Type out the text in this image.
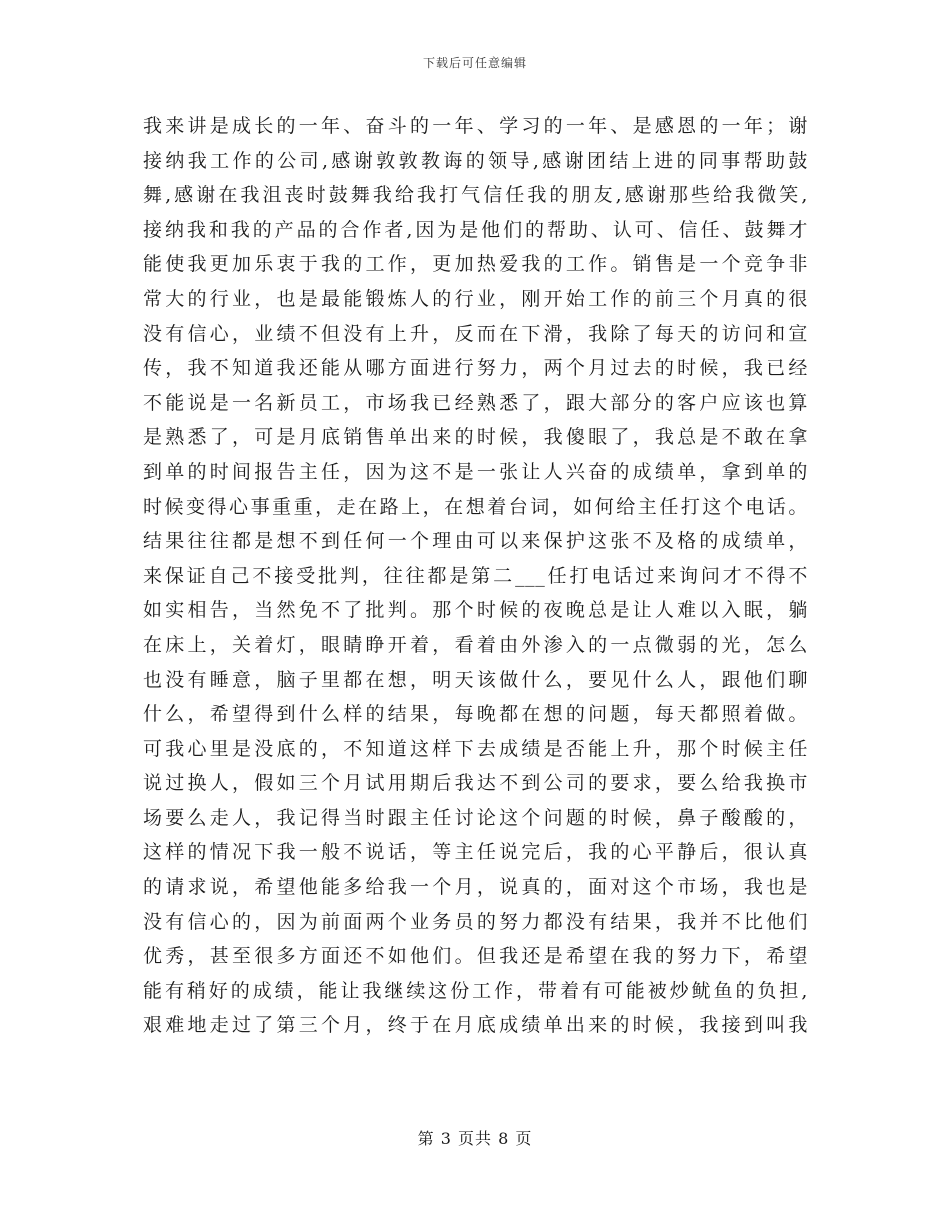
下载后可任意编辑
我来讲是成长的一年、奋斗的一年、学习的一年、是感恩的一年；谢
接纳我工作的公司,感谢敦敦教诲的领导,感谢团结上进的同事帮助鼓
舞,感谢在我沮丧时鼓舞我给我打气信任我的朋友,感谢那些给我微笑,
接纳我和我的产品的合作者,因为是他们的帮助、认可、信任、鼓舞才
能使我更加乐衷于我的工作，更加热爱我的工作。销售是一个竞争非
常大的行业，也是最能锻炼人的行业，刚开始工作的前三个月真的很
没有信心，业绩不但没有上升，反而在下滑，我除了每天的访问和宣
传，我不知道我还能从哪方面进行努力，两个月过去的时候，我已经
不能说是一名新员工，市场我已经熟悉了，跟大部分的客户应该也算
是熟悉了，可是月底销售单出来的时候，我傻眼了，我总是不敢在拿
到单的时间报告主任，因为这不是一张让人兴奋的成绩单，拿到单的
时候变得心事重重，走在路上，在想着台词，如何给主任打这个电话。
结果往往都是想不到任何一个理由可以来保护这张不及格的成绩单，
来保证自己不接受批判，往往都是第二___任打电话过来询问才不得不
如实相告，当然免不了批判。那个时候的夜晚总是让人难以入眠，躺
在床上，关着灯，眼睛睁开着，看着由外渗入的一点微弱的光，怎么
也没有睡意，脑子里都在想，明天该做什么，要见什么人，跟他们聊
什么，希望得到什么样的结果，每晚都在想的问题，每天都照着做。
可我心里是没底的，不知道这样下去成绩是否能上升，那个时候主任
说过换人，假如三个月试用期后我达不到公司的要求，要么给我换市
场要么走人，我记得当时跟主任讨论这个问题的时候，鼻子酸酸的，
这样的情况下我一般不说话，等主任说完后，我的心平静后，很认真
的请求说，希望他能多给我一个月，说真的，面对这个市场，我也是
没有信心的，因为前面两个业务员的努力都没有结果，我并不比他们
优秀，甚至很多方面还不如他们。但我还是希望在我的努力下，希望
能有稍好的成绩，能让我继续这份工作，带着有可能被炒鱿鱼的负担,
艰难地走过了第三个月，终于在月底成绩单出来的时候，我接到叫我
第 3 页共 8 页
